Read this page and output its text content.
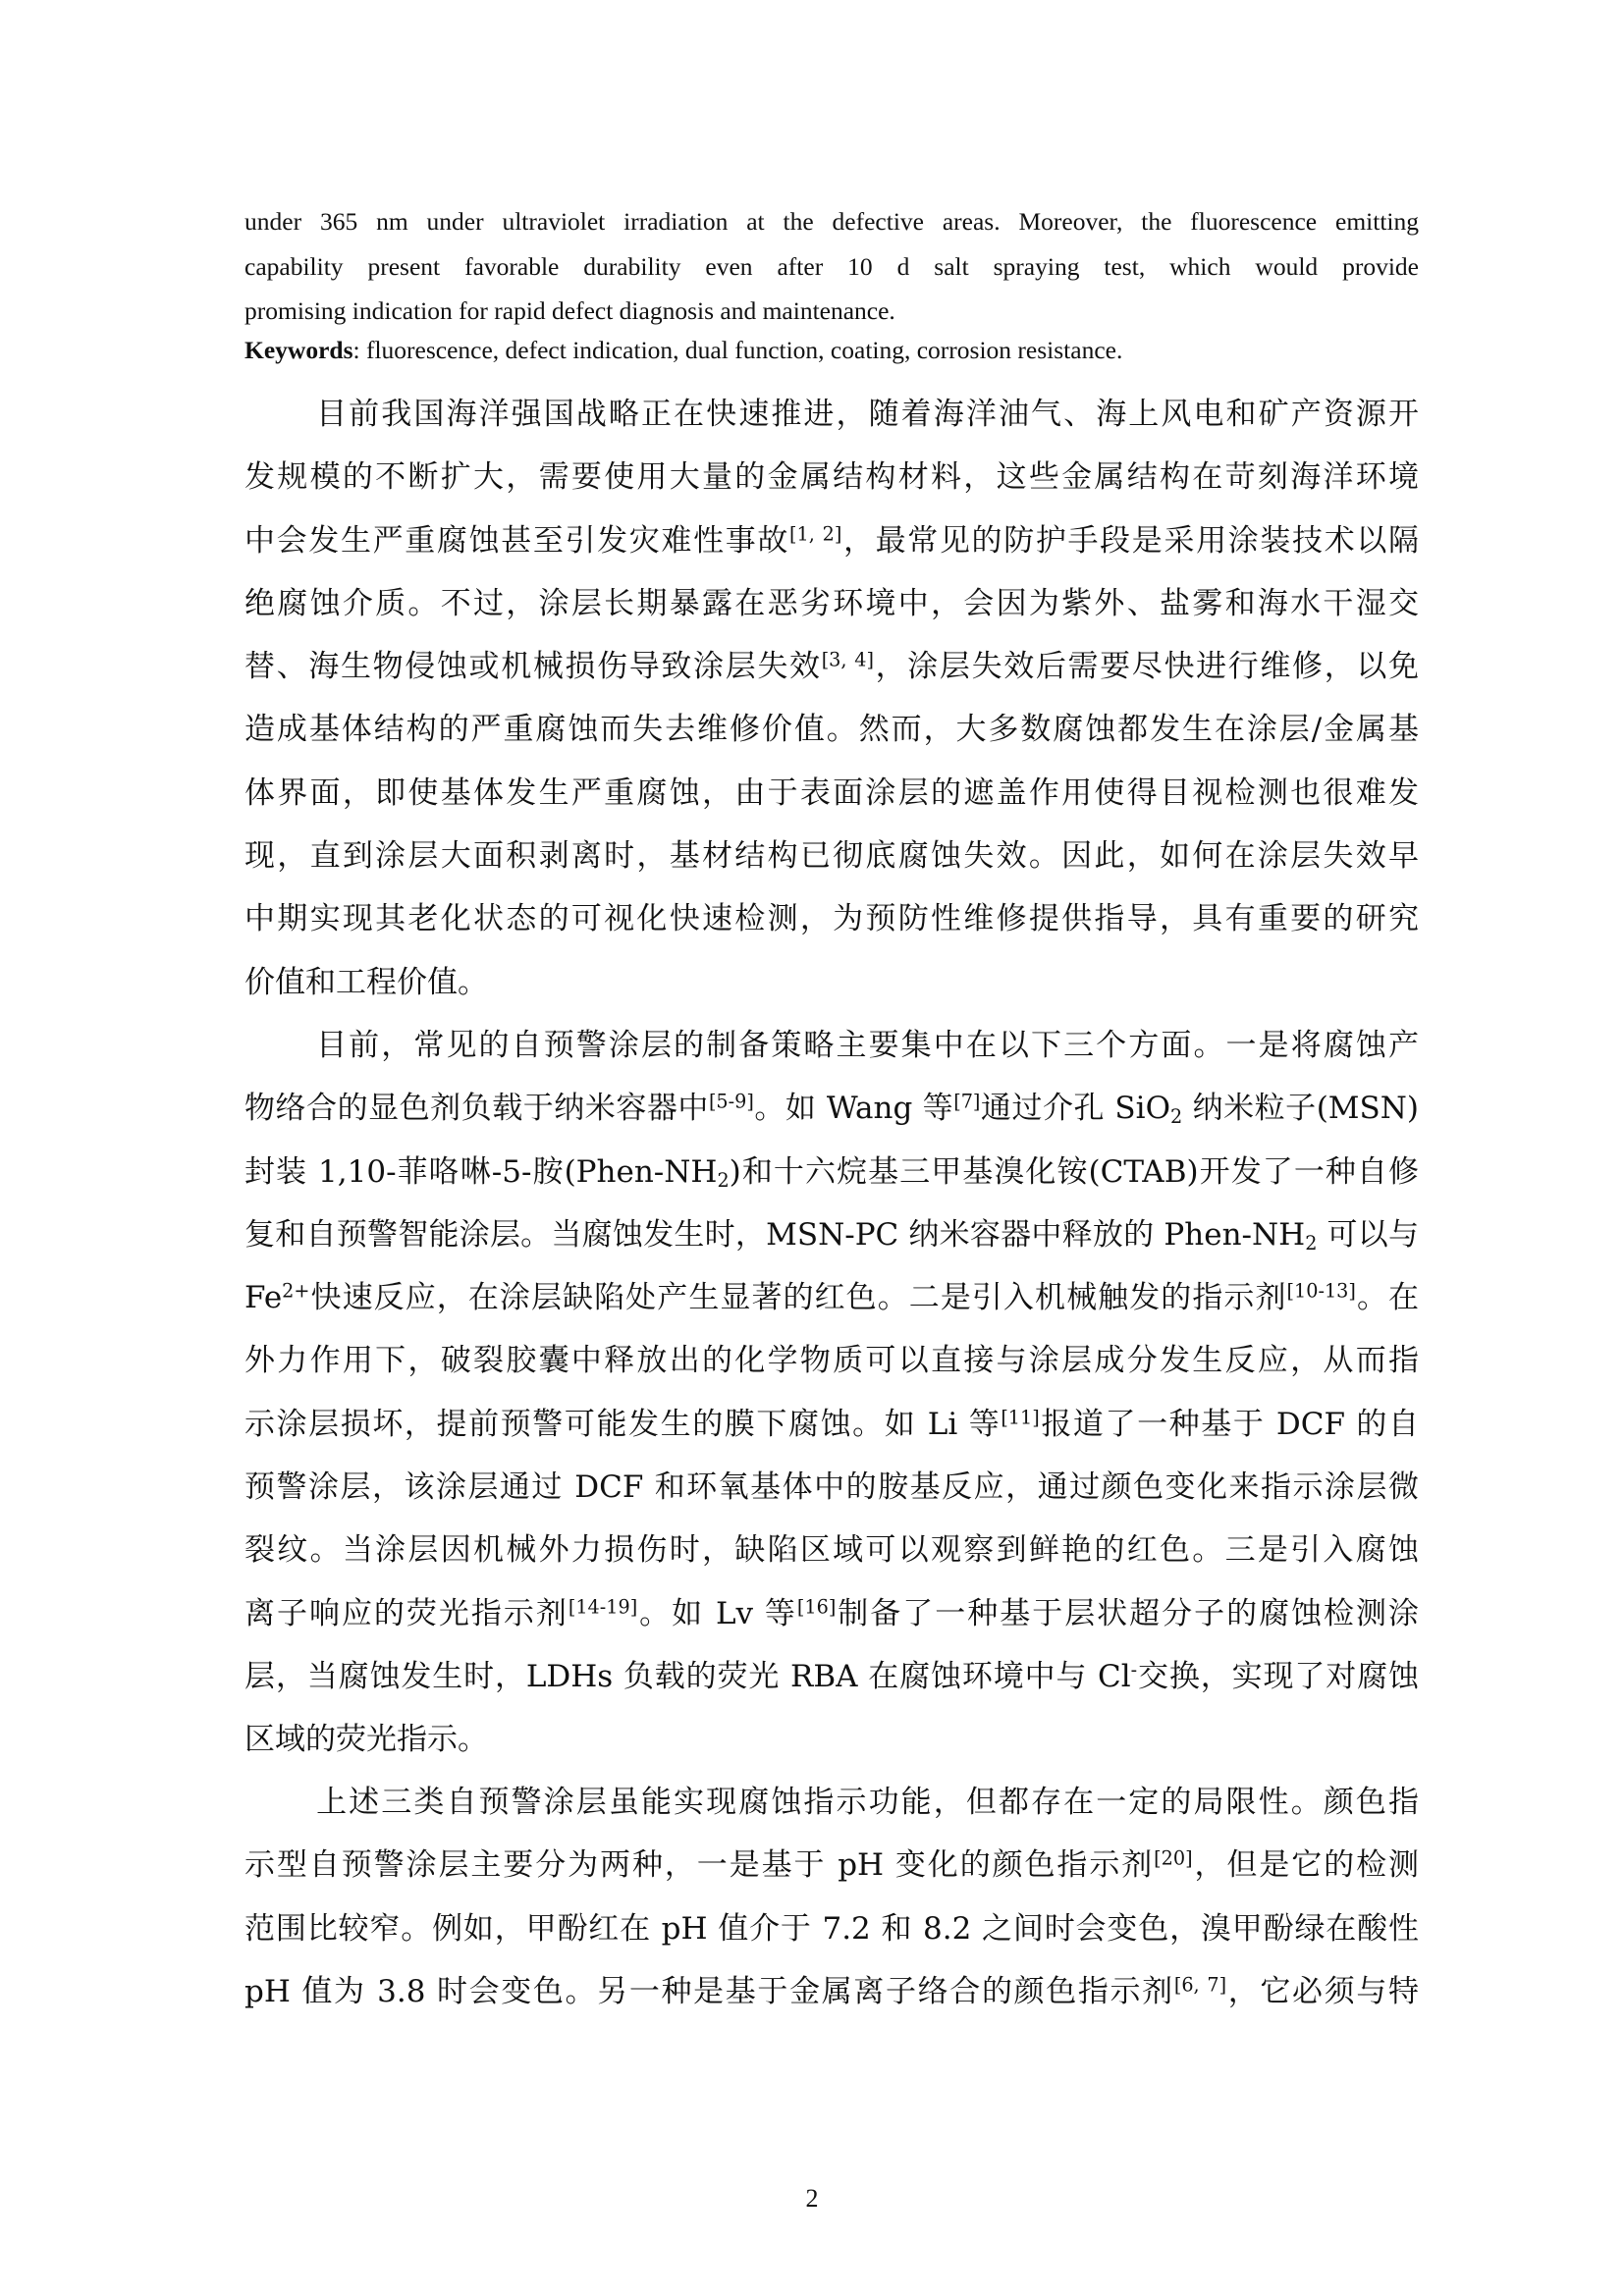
under 365 nm under ultraviolet irradiation at the defective areas. Moreover, the fluorescence emitting
capability present favorable durability even after 10 d salt spraying test, which would provide
promising indication for rapid defect diagnosis and maintenance.
Keywords: fluorescence, defect indication, dual function, coating, corrosion resistance.
目前我国海洋强国战略正在快速推进，随着海洋油气、海上风电和矿产资源开
发规模的不断扩大，需要使用大量的金属结构材料，这些金属结构在苛刻海洋环境
中会发生严重腐蚀甚至引发灾难性事故[1, 2]，最常见的防护手段是采用涂装技术以隔
绝腐蚀介质。不过，涂层长期暴露在恶劣环境中，会因为紫外、盐雾和海水干湿交
替、海生物侵蚀或机械损伤导致涂层失效[3, 4]，涂层失效后需要尽快进行维修，以免
造成基体结构的严重腐蚀而失去维修价值。然而，大多数腐蚀都发生在涂层/金属基
体界面，即使基体发生严重腐蚀，由于表面涂层的遮盖作用使得目视检测也很难发
现，直到涂层大面积剥离时，基材结构已彻底腐蚀失效。因此，如何在涂层失效早
中期实现其老化状态的可视化快速检测，为预防性维修提供指导，具有重要的研究
价值和工程价值。
目前，常见的自预警涂层的制备策略主要集中在以下三个方面。一是将腐蚀产
物络合的显色剂负载于纳米容器中[5-9]。如 Wang 等[7]通过介孔 SiO$_2$ 纳米粒子(MSN)
封装 1,10-菲咯啉-5-胺$(Phen-NH_2)$和十六烷基三甲基溴化铵(CTAB)开发了一种自修
复和自预警智能涂层。当腐蚀发生时，MSN-PC 纳米容器中释放的 Phen-$NH_2$ 可以与
$Fe^{2+}$快速反应，在涂层缺陷处产生显著的红色。二是引入机械触发的指示剂[10-13]。在
外力作用下，破裂胶囊中释放出的化学物质可以直接与涂层成分发生反应，从而指
示涂层损坏，提前预警可能发生的膜下腐蚀。如 Li 等[11]报道了一种基于 DCF 的自
预警涂层，该涂层通过 DCF 和环氧基体中的胺基反应，通过颜色变化来指示涂层微
裂纹。当涂层因机械外力损伤时，缺陷区域可以观察到鲜艳的红色。三是引入腐蚀
离子响应的荧光指示剂[14-19]。如 Lv 等[16]制备了一种基于层状超分子的腐蚀检测涂
层，当腐蚀发生时，LDHs 负载的荧光 RBA 在腐蚀环境中与 Cl-交换，实现了对腐蚀
区域的荧光指示。
上述三类自预警涂层虽能实现腐蚀指示功能，但都存在一定的局限性。颜色指
示型自预警涂层主要分为两种，一是基于 pH 变化的颜色指示剂[20]，但是它的检测
范围比较窄。例如，甲酚红在 pH 值介于 7.2 和 8.2 之间时会变色，溴甲酚绿在酸性
pH 值为 3.8 时会变色。另一种是基于金属离子络合的颜色指示剂[6, 7]，它必须与特
2
